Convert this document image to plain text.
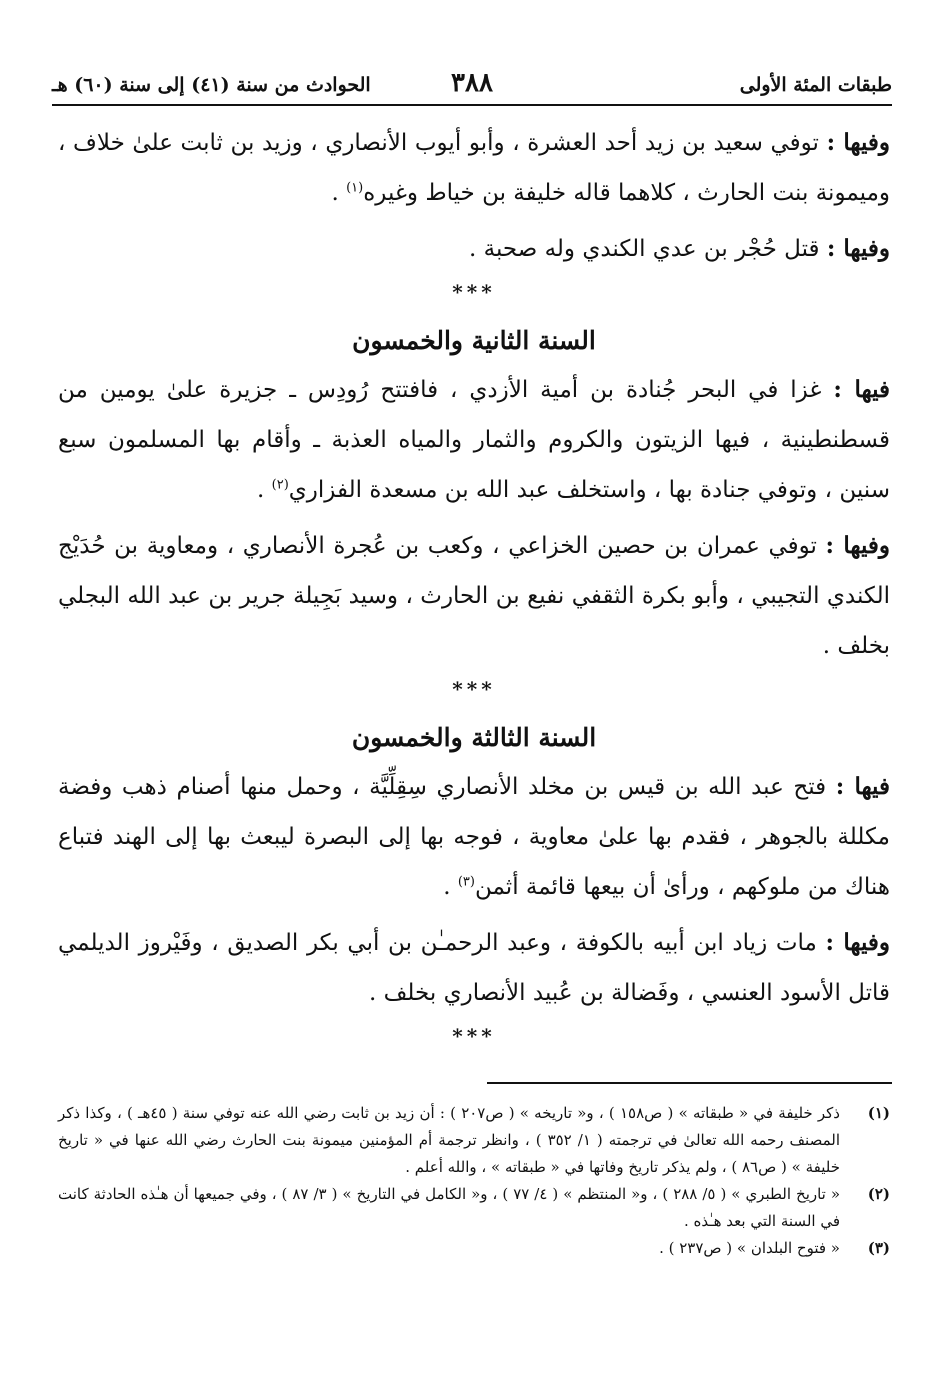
طبقات المئة الأولى
٣٨٨
الحوادث من سنة (٤١) إلى سنة (٦٠) هـ

وفيها : توفي سعيد بن زيد أحد العشرة ، وأبو أيوب الأنصاري ، وزيد بن ثابت علىٰ خلاف ، وميمونة بنت الحارث ، كلاهما قاله خليفة بن خياط وغيره$^{(١)}$ .

وفيها : قتل حُجْر بن عدي الكندي وله صحبة .

***
السنة الثانية والخمسون

فيها : غزا في البحر جُنادة بن أمية الأزدي ، فافتتح رُودِس ـ جزيرة علىٰ يومين من قسطنطينية ، فيها الزيتون والكروم والثمار والمياه العذبة ـ وأقام بها المسلمون سبع سنين ، وتوفي جنادة بها ، واستخلف عبد الله بن مسعدة الفزاري$^{(٢)}$ .

وفيها : توفي عمران بن حصين الخزاعي ، وكعب بن عُجرة الأنصاري ، ومعاوية بن حُدَيْج الكندي التجيبي ، وأبو بكرة الثقفي نفيع بن الحارث ، وسيد بَجِيلة جرير بن عبد الله البجلي بخلف .

***
السنة الثالثة والخمسون

فيها : فتح عبد الله بن قيس بن مخلد الأنصاري سِقِلِّيَّة ، وحمل منها أصنام ذهب وفضة مكللة بالجوهر ، فقدم بها علىٰ معاوية ، فوجه بها إلى البصرة ليبعث بها إلى الهند فتباع هناك من ملوكهم ، ورأىٰ أن بيعها قائمة أثمن$^{(٣)}$ .

وفيها : مات زياد ابن أبيه بالكوفة ، وعبد الرحمـٰن بن أبي بكر الصديق ، وفَيْروز الديلمي قاتل الأسود العنسي ، وفَضالة بن عُبيد الأنصاري بخلف .

***
(١)
ذكر خليفة في « طبقاته » ( ص١٥٨ ) ، و« تاريخه » ( ص٢٠٧ ) : أن زيد بن ثابت رضي الله عنه توفي سنة ( ٤٥هـ ) ، وكذا ذكر المصنف رحمه الله تعالىٰ في ترجمته ( ١/ ٣٥٢ ) ، وانظر ترجمة أم المؤمنين ميمونة بنت الحارث رضي الله عنها في « تاريخ خليفة » ( ص٨٦ ) ، ولم يذكر تاريخ وفاتها في « طبقاته » ، والله أعلم .
(٢)
« تاريخ الطبري » ( ٥/ ٢٨٨ ) ، و« المنتظم » ( ٤/ ٧٧ ) ، و« الكامل في التاريخ » ( ٣/ ٨٧ ) ، وفي جميعها أن هـٰذه الحادثة كانت في السنة التي بعد هـٰذه .
(٣)
« فتوح البلدان » ( ص٢٣٧ ) .
